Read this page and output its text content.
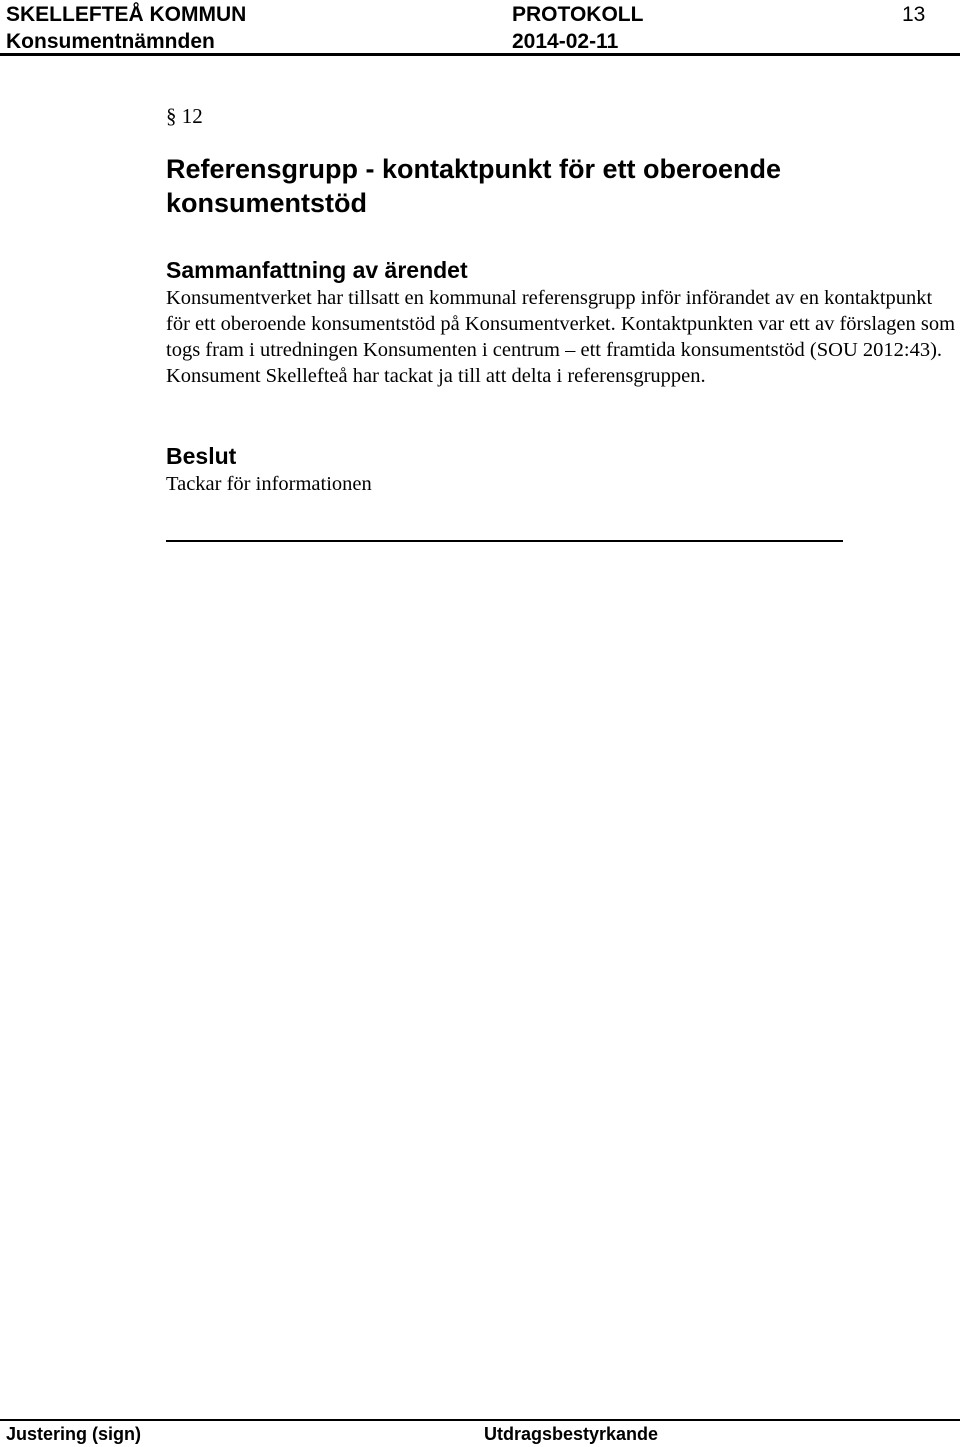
SKELLEFTEÅ KOMMUN
Konsumentnämnden
PROTOKOLL
2014-02-11
13
§ 12
Referensgrupp - kontaktpunkt för ett oberoende konsumentstöd
Sammanfattning av ärendet
Konsumentverket har tillsatt en kommunal referensgrupp inför införandet av en kontaktpunkt för ett oberoende konsumentstöd på Konsumentverket. Kontaktpunkten var ett av förslagen som togs fram i utredningen Konsumenten i centrum – ett framtida konsumentstöd (SOU 2012:43). Konsument Skellefteå har tackat ja till att delta i referensgruppen.
Beslut
Tackar för informationen
Justering (sign)	Utdragsbestyrkande
